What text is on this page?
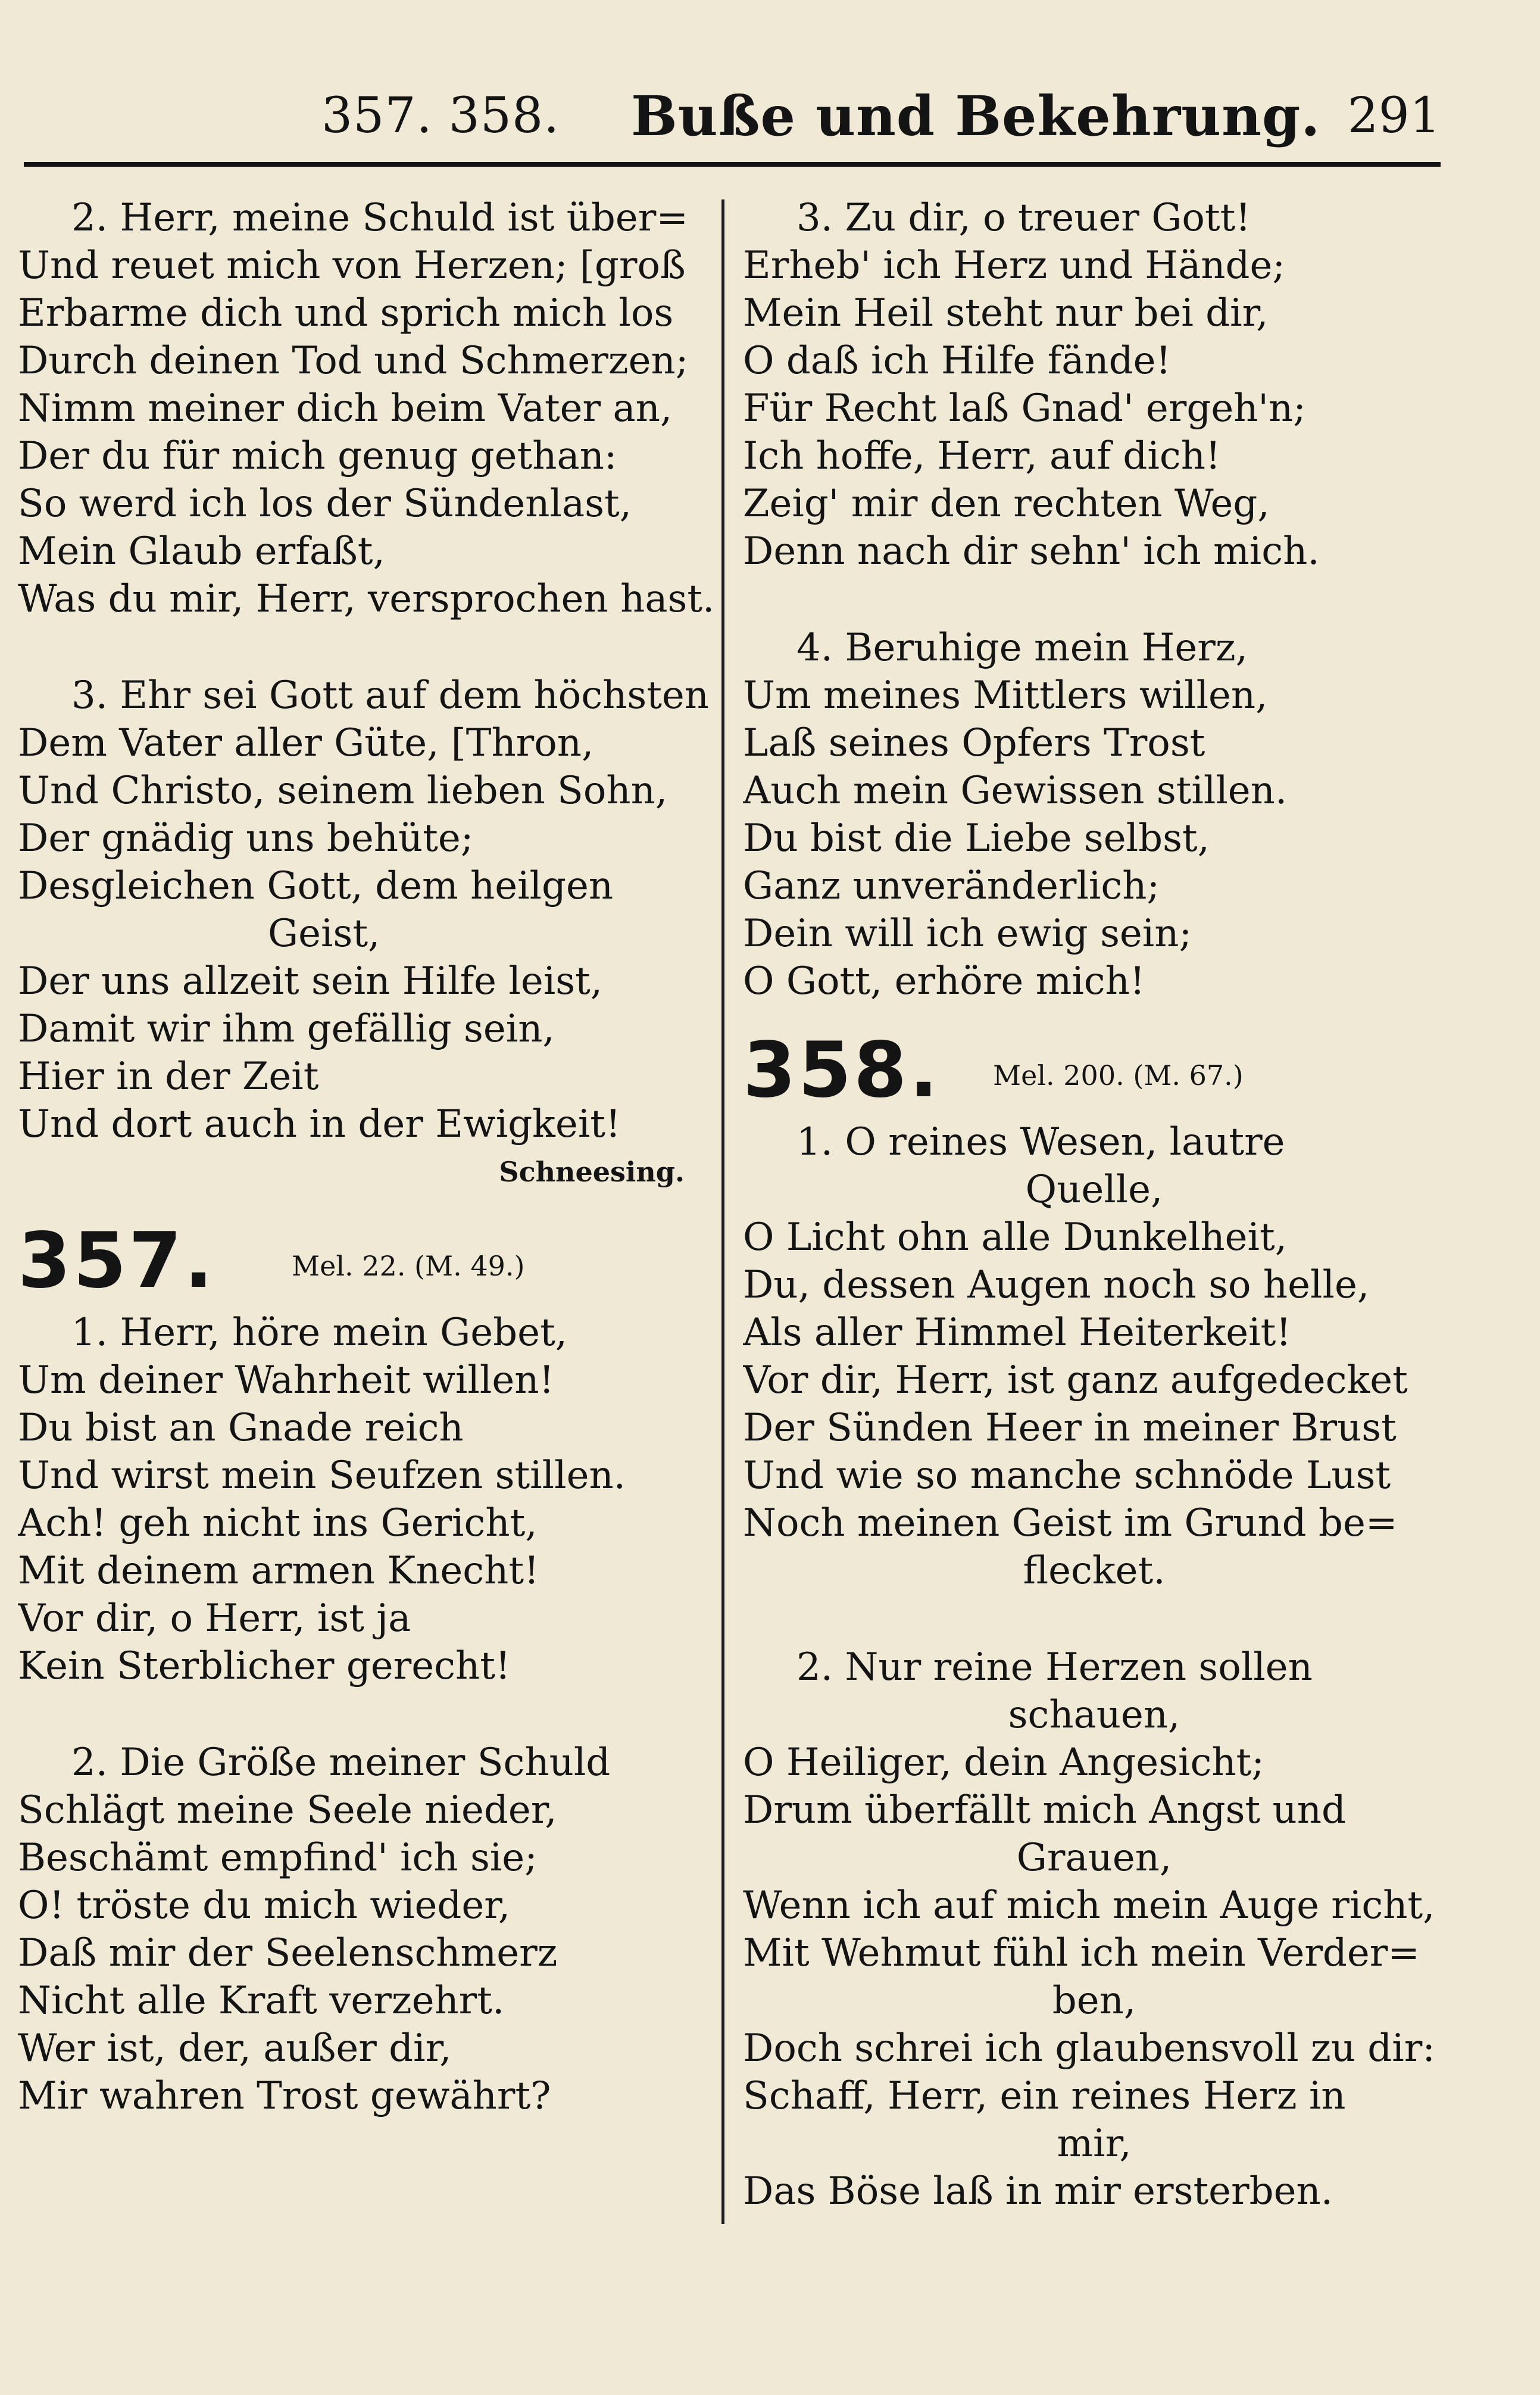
357. 358. Buße und Bekehrung. 291
2. Herr, meine Schuld ist über=
Und reuet mich von Herzen; [groß
Erbarme dich und sprich mich los
Durch deinen Tod und Schmerzen;
Nimm meiner dich beim Vater an,
Der du für mich genug gethan:
So werd ich los der Sündenlast,
Mein Glaub erfaßt,
Was du mir, Herr, versprochen hast.
3. Ehr sei Gott auf dem höchsten
Dem Vater aller Güte, [Thron,
Und Christo, seinem lieben Sohn,
Der gnädig uns behüte;
Desgleichen Gott, dem heilgen
Geist,
Der uns allzeit sein Hilfe leist,
Damit wir ihm gefällig sein,
Hier in der Zeit
Und dort auch in der Ewigkeit!
Schneesing.
357.	Mel. 22. (M. 49.)
1. Herr, höre mein Gebet,
Um deiner Wahrheit willen!
Du bist an Gnade reich
Und wirst mein Seufzen stillen.
Ach! geh nicht ins Gericht,
Mit deinem armen Knecht!
Vor dir, o Herr, ist ja
Kein Sterblicher gerecht!
2. Die Größe meiner Schuld
Schlägt meine Seele nieder,
Beschämt empfind' ich sie;
O! tröste du mich wieder,
Daß mir der Seelenschmerz
Nicht alle Kraft verzehrt.
Wer ist, der, außer dir,
Mir wahren Trost gewährt?
3. Zu dir, o treuer Gott!
Erheb' ich Herz und Hände;
Mein Heil steht nur bei dir,
O daß ich Hilfe fände!
Für Recht laß Gnad' ergeh'n;
Ich hoffe, Herr, auf dich!
Zeig' mir den rechten Weg,
Denn nach dir sehn' ich mich.
4. Beruhige mein Herz,
Um meines Mittlers willen,
Laß seines Opfers Trost
Auch mein Gewissen stillen.
Du bist die Liebe selbst,
Ganz unveränderlich;
Dein will ich ewig sein;
O Gott, erhöre mich!
358. Mel. 200. (M. 67.)
1. O reines Wesen, lautre
Quelle,
O Licht ohn alle Dunkelheit,
Du, dessen Augen noch so helle,
Als aller Himmel Heiterkeit!
Vor dir, Herr, ist ganz aufgedecket
Der Sünden Heer in meiner Brust
Und wie so manche schnöde Lust
Noch meinen Geist im Grund be=
flecket.
2. Nur reine Herzen sollen
schauen,
O Heiliger, dein Angesicht;
Drum überfällt mich Angst und
Grauen,
Wenn ich auf mich mein Auge richt,
Mit Wehmut fühl ich mein Verder=
ben,
Doch schrei ich glaubensvoll zu dir:
Schaff, Herr, ein reines Herz in
mir,
Das Böse laß in mir ersterben.
